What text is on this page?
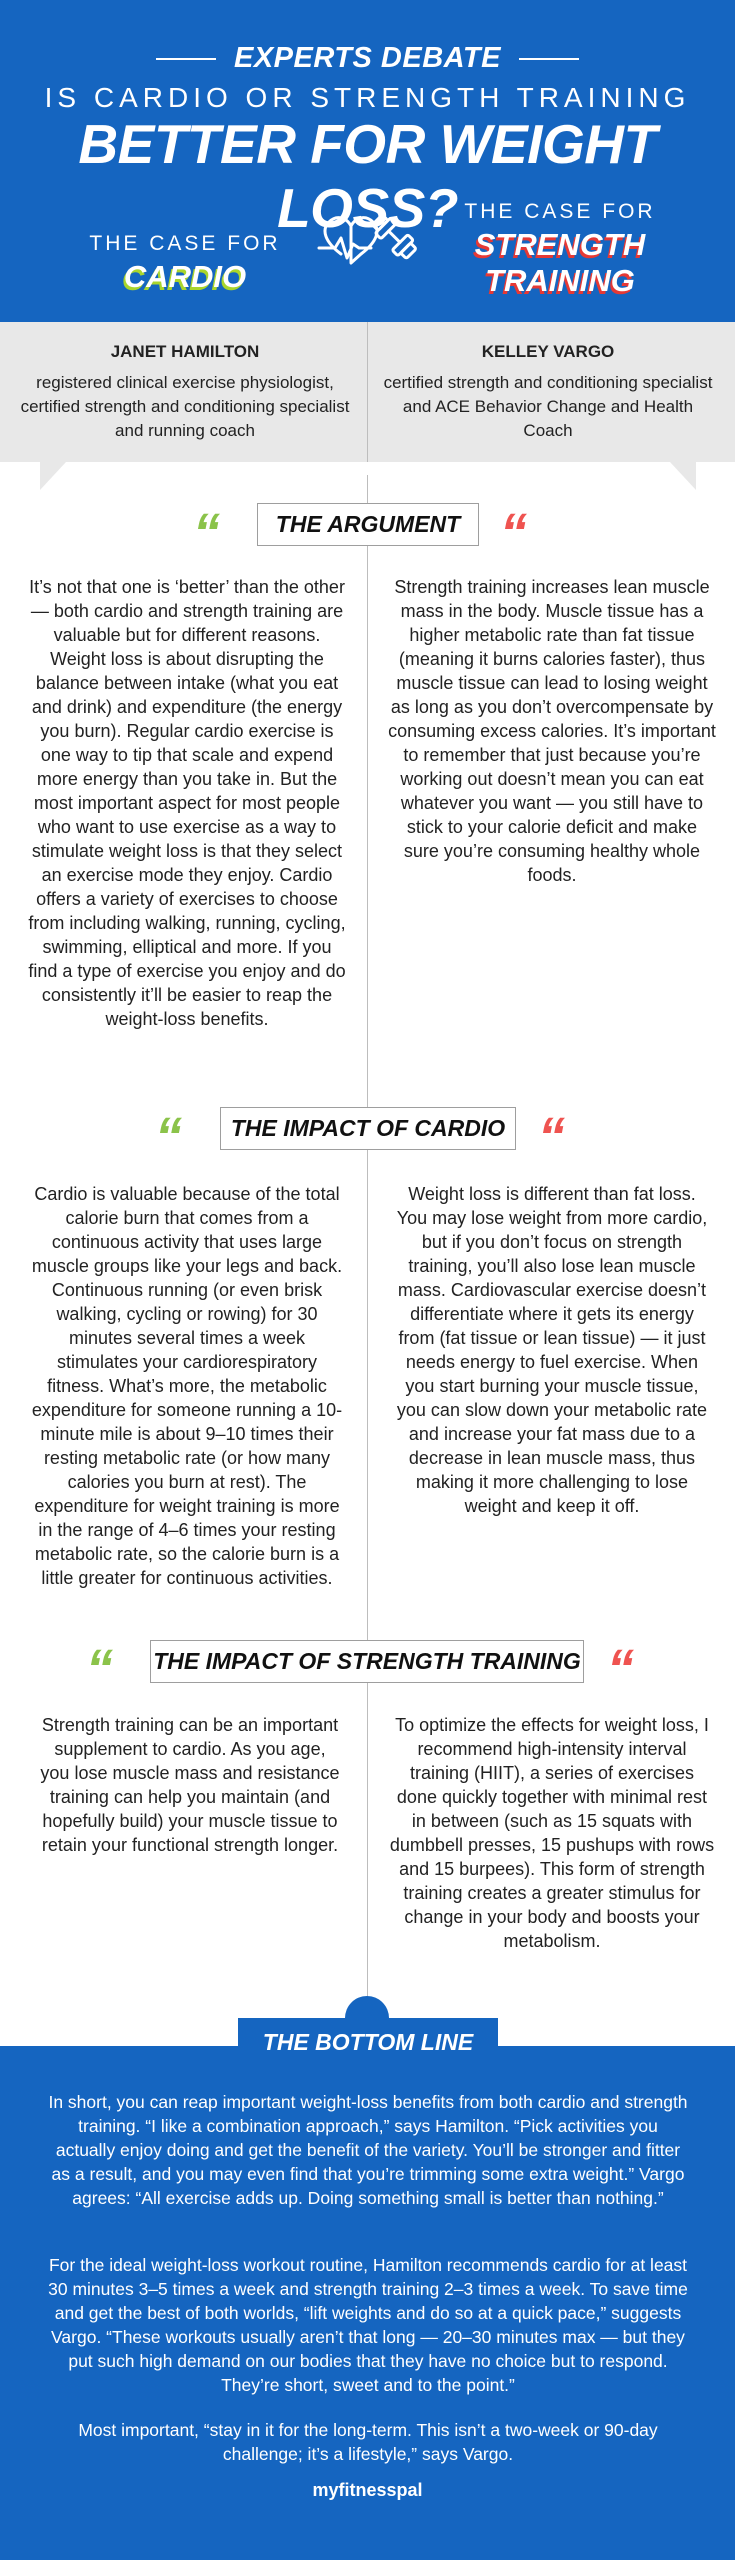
EXPERTS DEBATE
IS CARDIO OR STRENGTH TRAINING
BETTER FOR WEIGHT LOSS?
THE CASE FOR
CARDIO
THE CASE FOR
STRENGTH
TRAINING
JANET HAMILTON
registered clinical exercise physiologist, certified strength and conditioning specialist and running coach
KELLEY VARGO
certified strength and conditioning specialist and ACE Behavior Change and Health Coach
“	THE ARGUMENT “
It’s not that one is ‘better’ than the other — both cardio and strength training are valuable but for different reasons. Weight loss is about disrupting the balance between intake (what you eat and drink) and expenditure (the energy you burn). Regular cardio exercise is one way to tip that scale and expend more energy than you take in. But the most important aspect for most people who want to use exercise as a way to stimulate weight loss is that they select an exercise mode they enjoy. Cardio offers a variety of exercises to choose from including walking, running, cycling, swimming, elliptical and more. If you find a type of exercise you enjoy and do consistently it’ll be easier to reap the weight-loss benefits.
Strength training increases lean muscle mass in the body. Muscle tissue has a higher metabolic rate than fat tissue (meaning it burns calories faster), thus muscle tissue can lead to losing weight as long as you don’t overcompensate by consuming excess calories. It’s important to remember that just because you’re working out doesn’t mean you can eat whatever you want — you still have to stick to your calorie deficit and make sure you’re consuming healthy whole foods.
“	THE IMPACT OF CARDIO “
Cardio is valuable because of the total calorie burn that comes from a continuous activity that uses large muscle groups like your legs and back. Continuous running (or even brisk walking, cycling or rowing) for 30 minutes several times a week stimulates your cardiorespiratory fitness. What’s more, the metabolic expenditure for someone running a 10-minute mile is about 9–10 times their resting metabolic rate (or how many calories you burn at rest). The expenditure for weight training is more in the range of 4–6 times your resting metabolic rate, so the calorie burn is a little greater for continuous activities.
Weight loss is different than fat loss. You may lose weight from more cardio, but if you don’t focus on strength training, you’ll also lose lean muscle mass. Cardiovascular exercise doesn’t differentiate where it gets its energy from (fat tissue or lean tissue) — it just needs energy to fuel exercise. When you start burning your muscle tissue, you can slow down your metabolic rate and increase your fat mass due to a decrease in lean muscle mass, thus making it more challenging to lose weight and keep it off.
“ THE IMPACT OF STRENGTH TRAINING “
Strength training can be an important supplement to cardio. As you age, you lose muscle mass and resistance training can help you maintain (and hopefully build) your muscle tissue to retain your functional strength longer.
To optimize the effects for weight loss, I recommend high-intensity interval training (HIIT), a series of exercises done quickly together with minimal rest in between (such as 15 squats with dumbbell presses, 15 pushups with rows and 15 burpees). This form of strength training creates a greater stimulus for change in your body and boosts your metabolism.
THE BOTTOM LINE
In short, you can reap important weight-loss benefits from both cardio and strength training. “I like a combination approach,” says Hamilton. “Pick activities you actually enjoy doing and get the benefit of the variety. You’ll be stronger and fitter as a result, and you may even find that you’re trimming some extra weight.” Vargo agrees: “All exercise adds up. Doing something small is better than nothing.”
For the ideal weight-loss workout routine, Hamilton recommends cardio for at least 30 minutes 3–5 times a week and strength training 2–3 times a week. To save time and get the best of both worlds, “lift weights and do so at a quick pace,” suggests Vargo. “These workouts usually aren’t that long — 20–30 minutes max — but they put such high demand on our bodies that they have no choice but to respond. They’re short, sweet and to the point.”
Most important, “stay in it for the long-term. This isn’t a two-week or 90-day challenge; it’s a lifestyle,” says Vargo.
myfitnesspal
